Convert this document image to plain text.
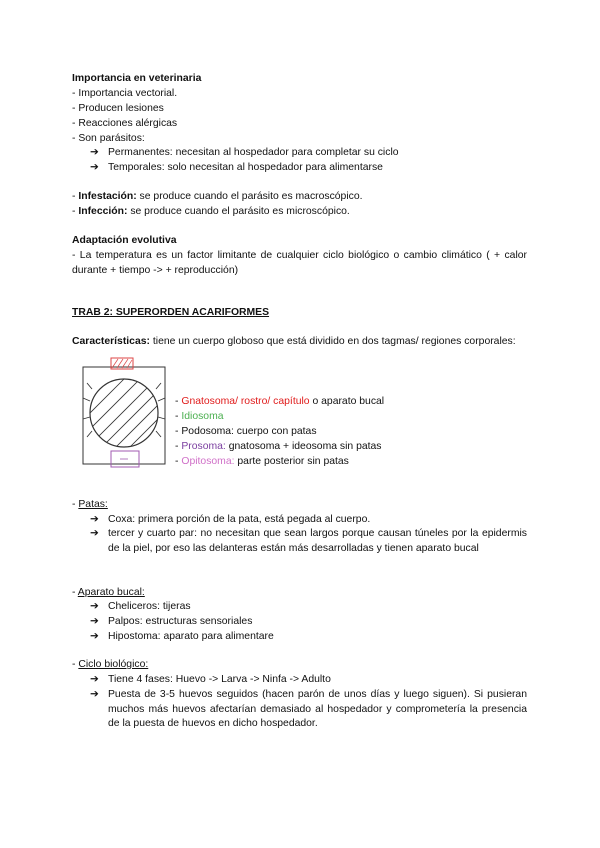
Importancia en veterinaria
- Importancia vectorial.
- Producen lesiones
- Reacciones alérgicas
- Son parásitos:
➔ Permanentes: necesitan al hospedador para completar su ciclo
➔ Temporales: solo necesitan al hospedador para alimentarse
- Infestación: se produce cuando el parásito es macroscópico.
- Infección: se produce cuando el parásito es microscópico.
Adaptación evolutiva
- La temperatura es un factor limitante de cualquier ciclo biológico o cambio climático ( + calor durante + tiempo -> + reproducción)
TRAB 2: SUPERORDEN ACARIFORMES
Características: tiene un cuerpo globoso que está dividido en dos tagmas/ regiones corporales:
- Gnatosoma/ rostro/ capítulo o aparato bucal
- Idiosoma
- Podosoma: cuerpo con patas
- Prosoma: gnatosoma + ideosoma sin patas
- Opitosoma: parte posterior sin patas
- Patas:
➔ Coxa: primera porción de la pata, está pegada al cuerpo.
➔ tercer y cuarto par: no necesitan que sean largos porque causan túneles por la epidermis de la piel, por eso las delanteras están más desarrolladas y tienen aparato bucal
- Aparato bucal:
➔ Cheliceros: tijeras
➔ Palpos: estructuras sensoriales
➔ Hipostoma: aparato para alimentare
- Ciclo biológico:
➔ Tiene 4 fases: Huevo -> Larva -> Ninfa -> Adulto
➔ Puesta de 3-5 huevos seguidos (hacen parón de unos días y luego siguen). Si pusieran muchos más huevos afectarían demasiado al hospedador y comprometería la presencia de la puesta de huevos en dicho hospedador.
